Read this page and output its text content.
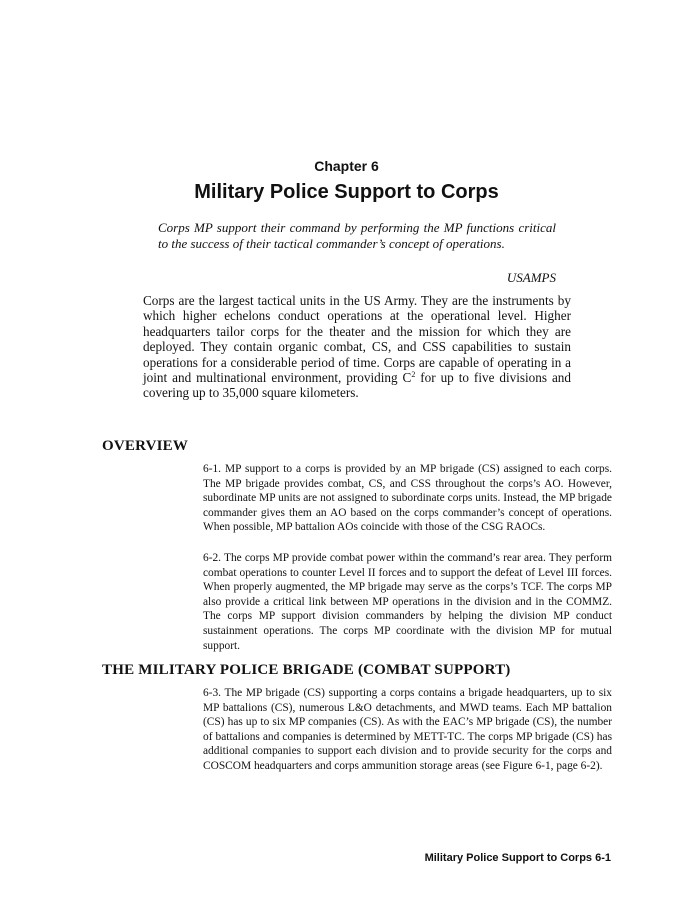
Chapter 6
Military Police Support to Corps
Corps MP support their command by performing the MP functions critical to the success of their tactical commander’s concept of operations.
USAMPS
Corps are the largest tactical units in the US Army. They are the instruments by which higher echelons conduct operations at the operational level. Higher headquarters tailor corps for the theater and the mission for which they are deployed. They contain organic combat, CS, and CSS capabilities to sustain operations for a considerable period of time. Corps are capable of operating in a joint and multinational environment, providing $C^2$ for up to five divisions and covering up to 35,000 square kilometers.
OVERVIEW
6-1. MP support to a corps is provided by an MP brigade (CS) assigned to each corps. The MP brigade provides combat, CS, and CSS throughout the corps’s AO. However, subordinate MP units are not assigned to subordinate corps units. Instead, the MP brigade commander gives them an AO based on the corps commander’s concept of operations. When possible, MP battalion AOs coincide with those of the CSG RAOCs.
6-2. The corps MP provide combat power within the command’s rear area. They perform combat operations to counter Level II forces and to support the defeat of Level III forces. When properly augmented, the MP brigade may serve as the corps’s TCF. The corps MP also provide a critical link between MP operations in the division and in the COMMZ. The corps MP support division commanders by helping the division MP conduct sustainment operations. The corps MP coordinate with the division MP for mutual support.
THE MILITARY POLICE BRIGADE (COMBAT SUPPORT)
6-3. The MP brigade (CS) supporting a corps contains a brigade headquarters, up to six MP battalions (CS), numerous L&O detachments, and MWD teams. Each MP battalion (CS) has up to six MP companies (CS). As with the EAC’s MP brigade (CS), the number of battalions and companies is determined by METT-TC. The corps MP brigade (CS) has additional companies to support each division and to provide security for the corps and COSCOM headquarters and corps ammunition storage areas (see Figure 6-1, page 6-2).
Military Police Support to Corps 6-1
